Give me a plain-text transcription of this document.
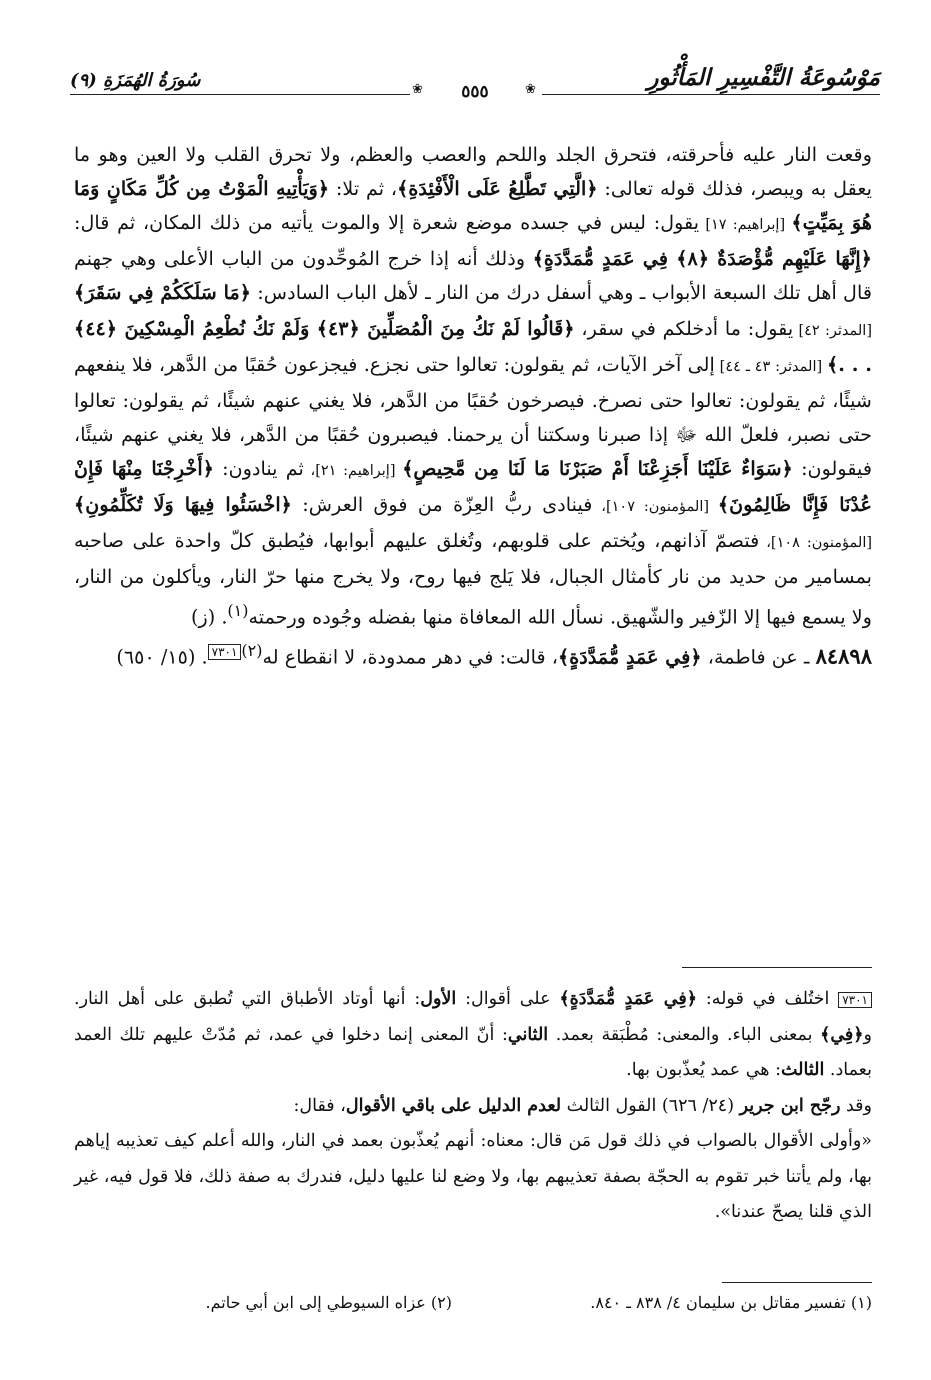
مَوْسُوعَةُ التَّفْسِيرِ المَأْثُورِ
❀
٥٥٥
❀
سُورَةُ الهُمَزَةِ (٩)

وقعت النار عليه فأحرقته، فتحرق الجلد واللحم والعصب والعظم، ولا تحرق القلب ولا العين وهو ما يعقل به ويبصر، فذلك قوله تعالى: ﴿الَّتِي تَطَّلِعُ عَلَى الْأَفْئِدَةِ﴾، ثم تلا: ﴿وَيَأْتِيهِ الْمَوْتُ مِن كُلِّ مَكَانٍ وَمَا هُوَ بِمَيِّتٍ﴾ [إبراهيم: ١٧] يقول: ليس في جسده موضع شعرة إلا والموت يأتيه من ذلك المكان، ثم قال: ﴿إِنَّهَا عَلَيْهِم مُّؤْصَدَةٌ ﴿٨﴾ فِي عَمَدٍ مُّمَدَّدَةٍ﴾ وذلك أنه إذا خرج المُوحِّدون من الباب الأعلى وهي جهنم قال أهل تلك السبعة الأبواب ـ وهي أسفل درك من النار ـ لأهل الباب السادس: ﴿مَا سَلَكَكُمْ فِي سَقَرَ﴾ [المدثر: ٤٢] يقول: ما أدخلكم في سقر، ﴿قَالُوا لَمْ نَكُ مِنَ الْمُصَلِّينَ ﴿٤٣﴾ وَلَمْ نَكُ نُطْعِمُ الْمِسْكِينَ ﴿٤٤﴾ . . .﴾ [المدثر: ٤٣ ـ ٤٤] إلى آخر الآيات، ثم يقولون: تعالوا حتى نجزع. فيجزعون حُقبًا من الدَّهر، فلا ينفعهم شيئًا، ثم يقولون: تعالوا حتى نصرخ. فيصرخون حُقبًا من الدَّهر، فلا يغني عنهم شيئًا، ثم يقولون: تعالوا حتى نصبر، فلعلّ الله ﷻ إذا صبرنا وسكتنا أن يرحمنا. فيصبرون حُقبًا من الدَّهر، فلا يغني عنهم شيئًا، فيقولون: ﴿سَوَاءٌ عَلَيْنَا أَجَزِعْنَا أَمْ صَبَرْنَا مَا لَنَا مِن مَّحِيصٍ﴾ [إبراهيم: ٢١]، ثم ينادون: ﴿أَخْرِجْنَا مِنْهَا فَإِنْ عُدْنَا فَإِنَّا ظَالِمُونَ﴾ [المؤمنون: ١٠٧]، فينادى ربُّ العِزّة من فوق العرش: ﴿اخْسَئُوا فِيهَا وَلَا تُكَلِّمُونِ﴾ [المؤمنون: ١٠٨]، فتصمّ آذانهم، ويُختم على قلوبهم، وتُغلق عليهم أبوابها، فيُطبق كلّ واحدة على صاحبه بمسامير من حديد من نار كأمثال الجبال، فلا يَلج فيها روح، ولا يخرج منها حرّ النار، ويأكلون من النار، ولا يسمع فيها إلا الزّفير والشّهيق. نسأل الله المعافاة منها بفضله وجُوده ورحمته$^{(١)}$. (ز)

٨٤٨٩٨ ـ عن فاطمة، ﴿فِي عَمَدٍ مُّمَدَّدَةٍ﴾، قالت: في دهر ممدودة، لا انقطاع له$^{(٢)٧٣٠١}$. (١٥/ ٦٥٠)

٧٣٠١ اختُلف في قوله: ﴿فِي عَمَدٍ مُّمَدَّدَةٍ﴾ على أقوال: الأول: أنها أوتاد الأطباق التي تُطبق على أهل النار. و﴿فِي﴾ بمعنى الباء. والمعنى: مُطْبَقة بعمد. الثاني: أنّ المعنى إنما دخلوا في عمد، ثم مُدّتْ عليهم تلك العمد بعماد. الثالث: هي عمد يُعذّبون بها.

وقد رجّح ابن جرير (٢٤/ ٦٢٦) القول الثالث لعدم الدليل على باقي الأقوال، فقال:

«وأولى الأقوال بالصواب في ذلك قول مَن قال: معناه: أنهم يُعذّبون بعمد في النار، والله أعلم كيف تعذيبه إياهم بها، ولم يأتنا خبر تقوم به الحجّة بصفة تعذيبهم بها، ولا وضع لنا عليها دليل، فندرك به صفة ذلك، فلا قول فيه، غير الذي قلنا يصحّ عندنا».

(١) تفسير مقاتل بن سليمان ٤/ ٨٣٨ ـ ٨٤٠.
(٢) عزاه السيوطي إلى ابن أبي حاتم.
